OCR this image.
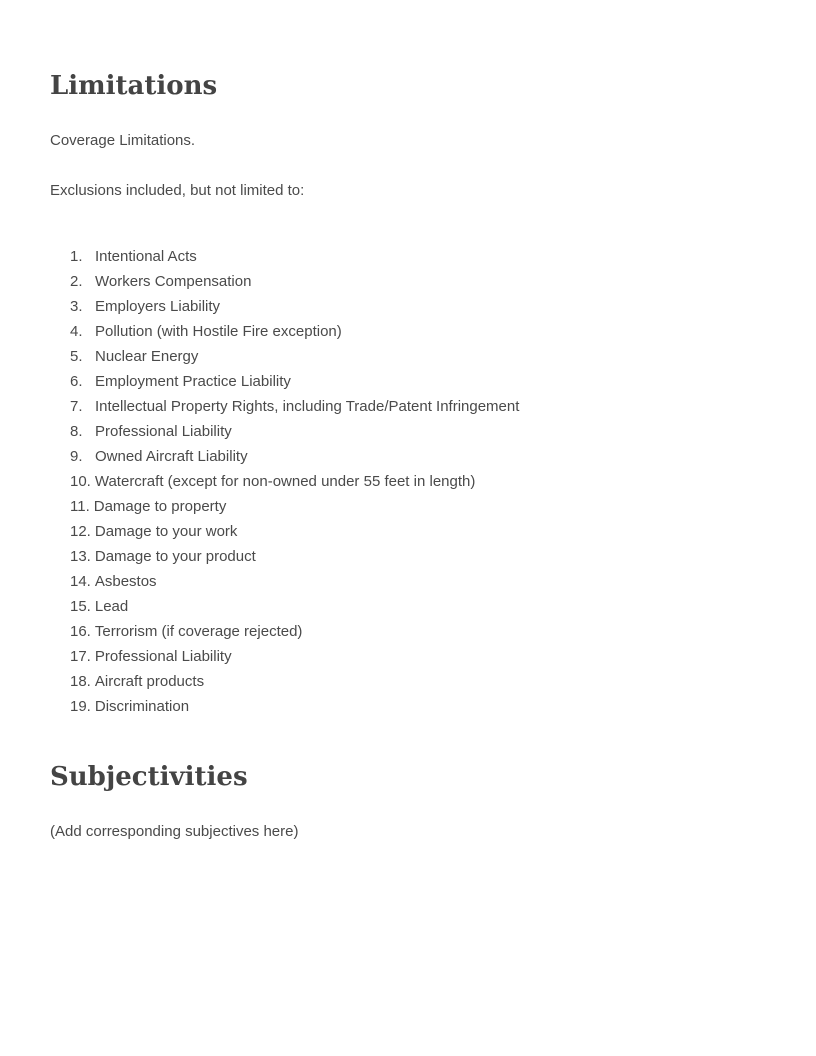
Limitations

Coverage Limitations.

Exclusions included, but not limited to:

1. Intentional Acts
2. Workers Compensation
3. Employers Liability
4. Pollution (with Hostile Fire exception)
5. Nuclear Energy
6. Employment Practice Liability
7. Intellectual Property Rights, including Trade/Patent Infringement
8. Professional Liability
9. Owned Aircraft Liability
10. Watercraft (except for non-owned under 55 feet in length)
11. Damage to property
12. Damage to your work
13. Damage to your product
14. Asbestos
15. Lead
16. Terrorism (if coverage rejected)
17. Professional Liability
18. Aircraft products
19. Discrimination
Subjectivities

(Add corresponding subjectives here)
